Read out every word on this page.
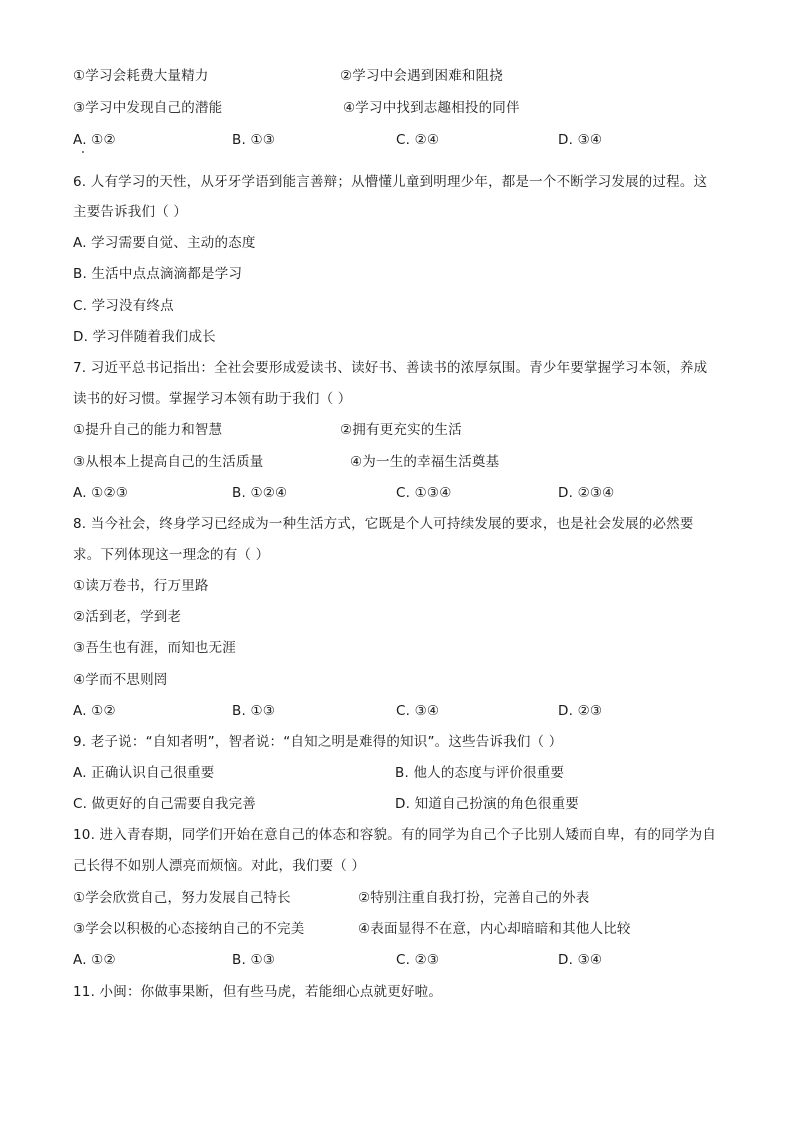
①学习会耗费大量精力	②学习中会遇到困难和阻挠
③学习中发现自己的潜能	④学习中找到志趣相投的同伴
A. ①②	B. ①③	C. ②④	D. ③④
6. 人有学习的天性，从牙牙学语到能言善辩；从懵懂儿童到明理少年，都是一个不断学习发展的过程。这
主要告诉我们（ ）
A. 学习需要自觉、主动的态度
B. 生活中点点滴滴都是学习
C. 学习没有终点
D. 学习伴随着我们成长
7. 习近平总书记指出：全社会要形成爱读书、读好书、善读书的浓厚氛围。青少年要掌握学习本领，养成
读书的好习惯。掌握学习本领有助于我们（ ）
①提升自己的能力和智慧	②拥有更充实的生活
③从根本上提高自己的生活质量	④为一生的幸福生活奠基
A. ①②③	B. ①②④	C. ①③④	D. ②③④
8. 当今社会，终身学习已经成为一种生活方式，它既是个人可持续发展的要求，也是社会发展的必然要
求。下列体现这一理念的有（ ）
①读万卷书，行万里路
②活到老，学到老
③吾生也有涯，而知也无涯
④学而不思则罔
A. ①②	B. ①③	C. ③④	D. ②③
9. 老子说：“自知者明”，智者说：“自知之明是难得的知识”。这些告诉我们（ ）
A. 正确认识自己很重要	B. 他人的态度与评价很重要
C. 做更好的自己需要自我完善	D. 知道自己扮演的角色很重要
10. 进入青春期，同学们开始在意自己的体态和容貌。有的同学为自己个子比别人矮而自卑，有的同学为自
己长得不如别人漂亮而烦恼。对此，我们要（ ）
①学会欣赏自己，努力发展自己特长	②特别注重自我打扮，完善自己的外表
③学会以积极的心态接纳自己的不完美	④表面显得不在意，内心却暗暗和其他人比较
A. ①②	B. ①③	C. ②③	D. ③④
11. 小闽：你做事果断，但有些马虎，若能细心点就更好啦。
